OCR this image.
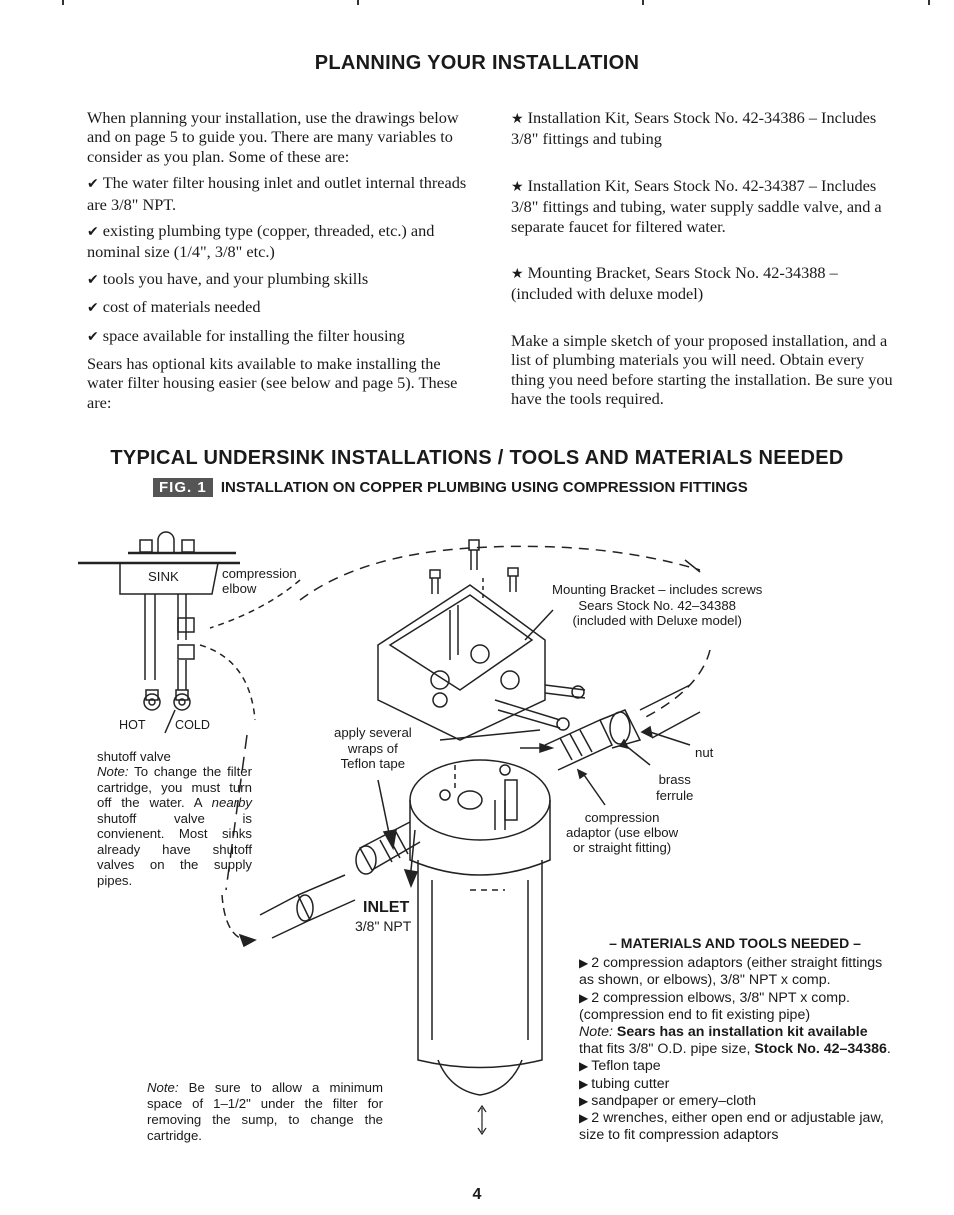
PLANNING YOUR INSTALLATION

When planning your installation, use the drawings below and on page 5 to guide you. There are many variables to consider as you plan. Some of these are:

✔ The water filter housing inlet and outlet internal threads are 3/8" NPT.

✔ existing plumbing type (copper, threaded, etc.) and nominal size (1/4", 3/8" etc.)

✔ tools you have, and your plumbing skills

✔ cost of materials needed

✔ space available for installing the filter housing

Sears has optional kits available to make installing the water filter housing easier (see below and page 5). These are:

★ Installation Kit, Sears Stock No. 42-34386 – Includes 3/8" fittings and tubing

★ Installation Kit, Sears Stock No. 42-34387 – Includes 3/8" fittings and tubing, water supply saddle valve, and a separate faucet for filtered water.

★ Mounting Bracket, Sears Stock No. 42-34388 – (included with deluxe model)

Make a simple sketch of your proposed installation, and a list of plumbing materials you will need. Obtain every thing you need before starting the installation. Be sure you have the tools required.

TYPICAL UNDERSINK INSTALLATIONS / TOOLS AND MATERIALS NEEDED
FIG. 1 INSTALLATION ON COPPER PLUMBING USING COMPRESSION FITTINGS
SINK	compression
elbow
HOT COLD
shutoff valve
Note: To change the filter cartridge, you must turn off the water. A nearby shutoff valve is convienent. Most sinks already have shutoff valves on the supply pipes.
apply several
wraps of
Teflon tape
INLET
3/8" NPT
Mounting Bracket – includes screws
Sears Stock No. 42–34388
(included with Deluxe model)
nut
brass
ferrule
compression
adaptor (use elbow
or straight fitting)
Note: Be sure to allow a minimum space of 1–1/2" under the filter for removing the sump, to change the cartridge.
– MATERIALS AND TOOLS NEEDED –
▶ 2 compression adaptors (either straight fittings as shown, or elbows), 3/8" NPT x comp.
▶ 2 compression elbows, 3/8" NPT x comp. (compression end to fit existing pipe)
Note: Sears has an installation kit available that fits 3/8" O.D. pipe size, Stock No. 42–34386.
▶ Teflon tape
▶ tubing cutter
▶ sandpaper or emery–cloth
▶ 2 wrenches, either open end or adjustable jaw, size to fit compression adaptors
4
